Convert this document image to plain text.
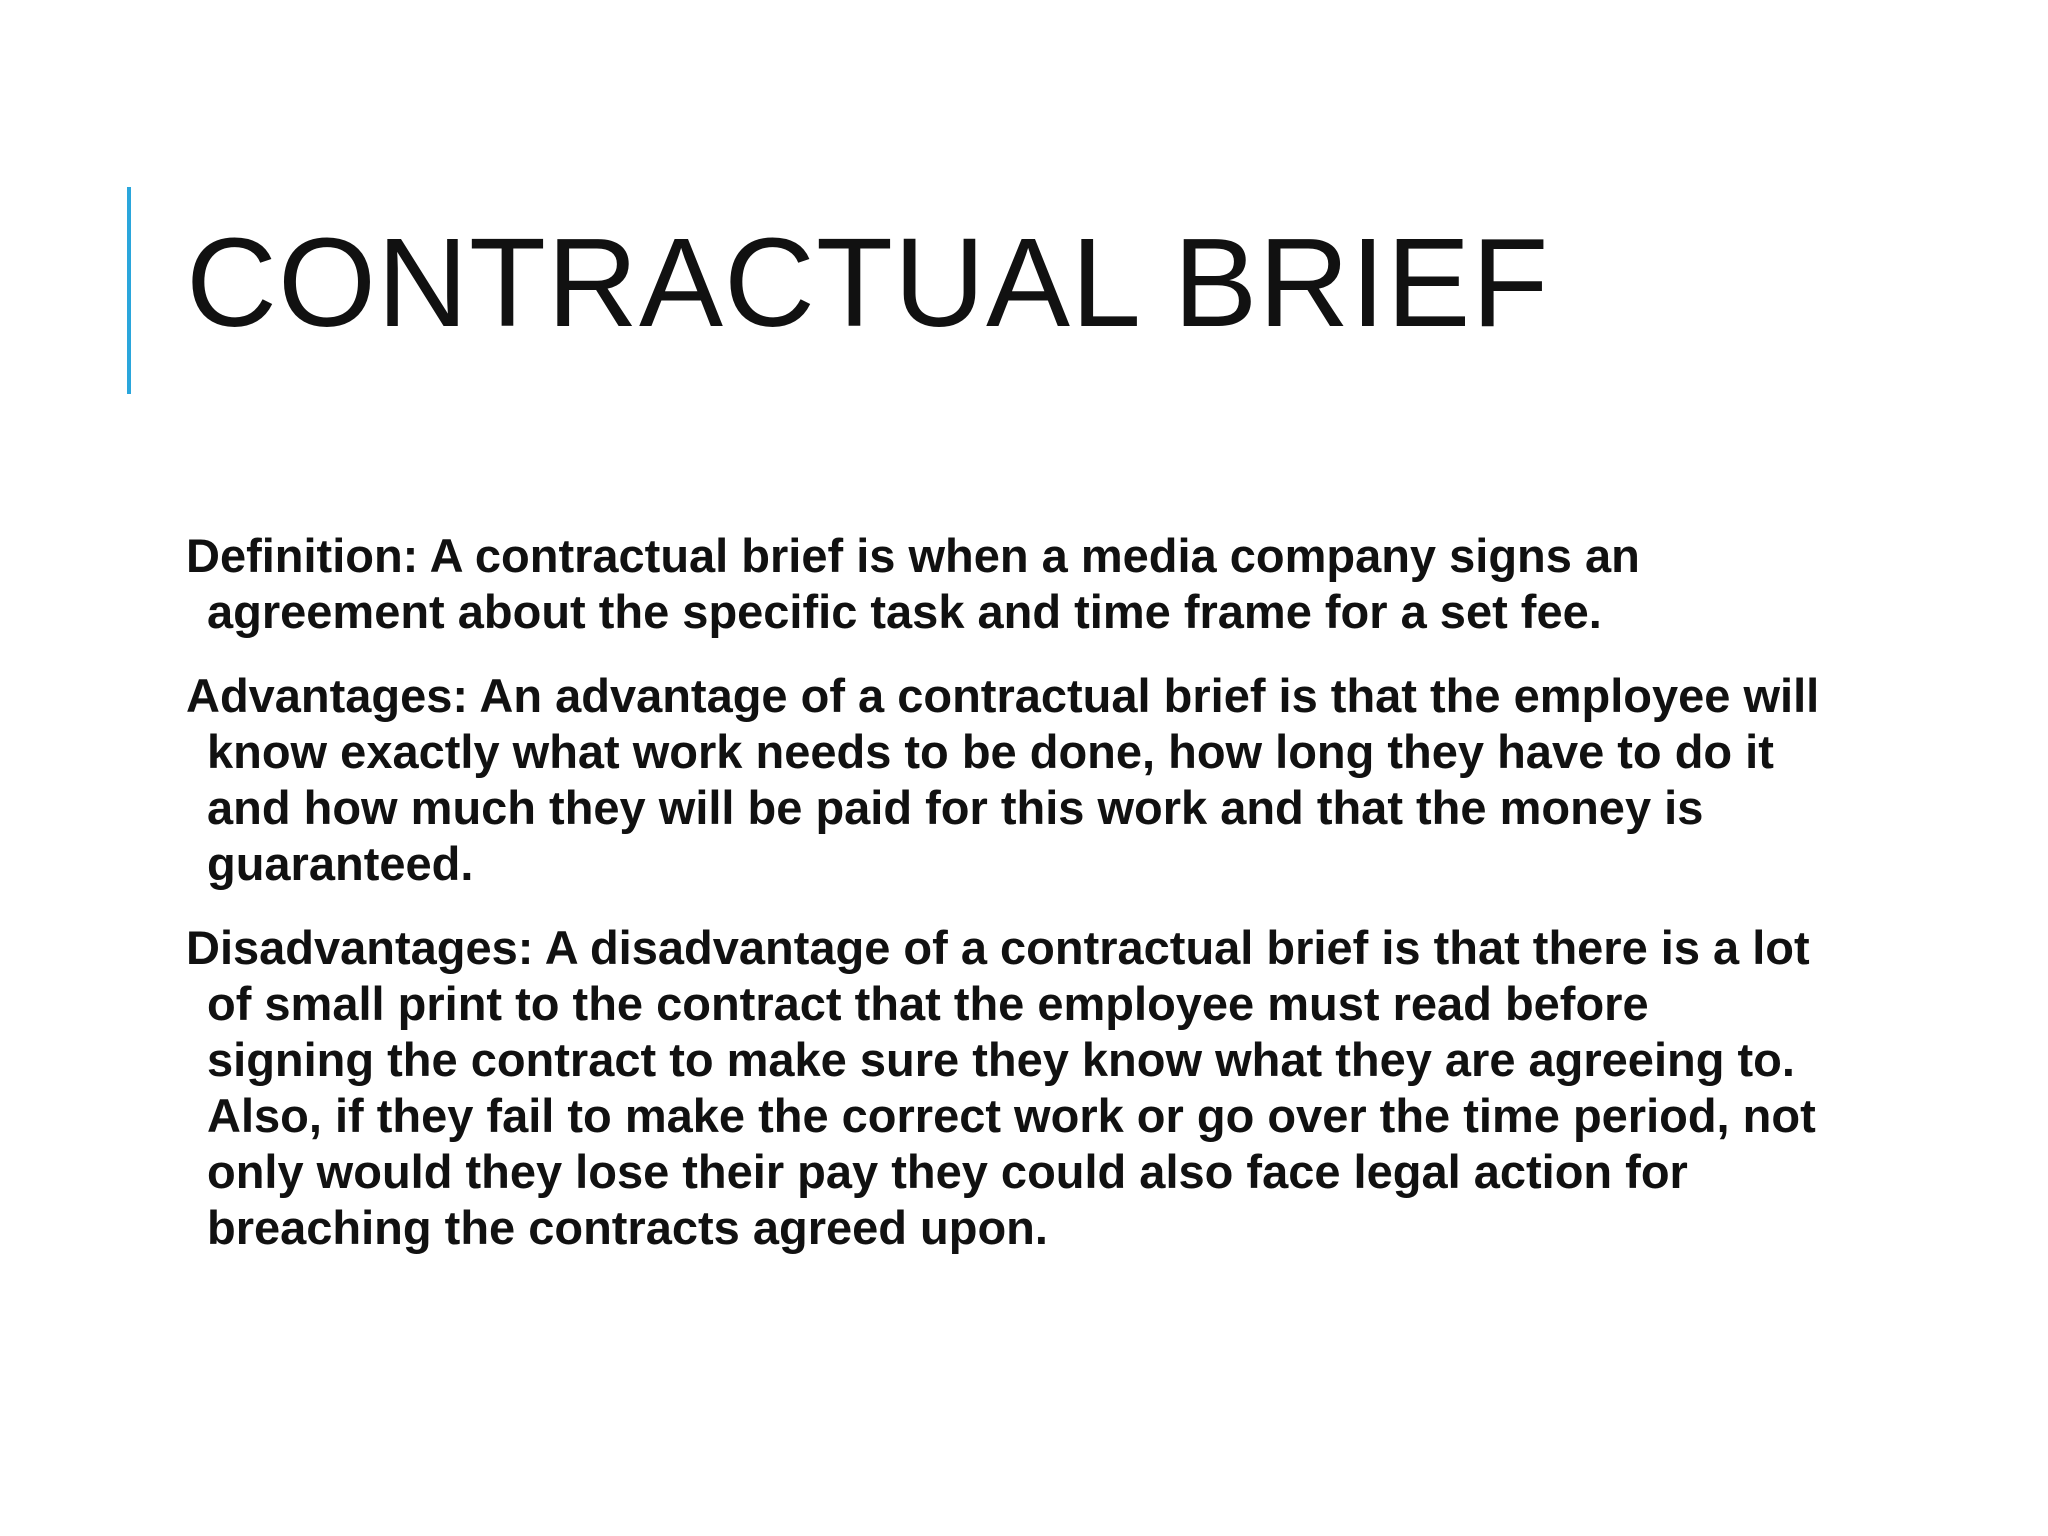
CONTRACTUAL BRIEF

Definition: A contractual brief is when a media company signs an agreement about the specific task and time frame for a set fee.

Advantages: An advantage of a contractual brief is that the employee will know exactly what work needs to be done, how long they have to do it and how much they will be paid for this work and that the money is guaranteed.

Disadvantages: A disadvantage of a contractual brief is that there is a lot of small print to the contract that the employee must read before signing the contract to make sure they know what they are agreeing to. Also, if they fail to make the correct work or go over the time period, not only would they lose their pay they could also face legal action for breaching the contracts agreed upon.
